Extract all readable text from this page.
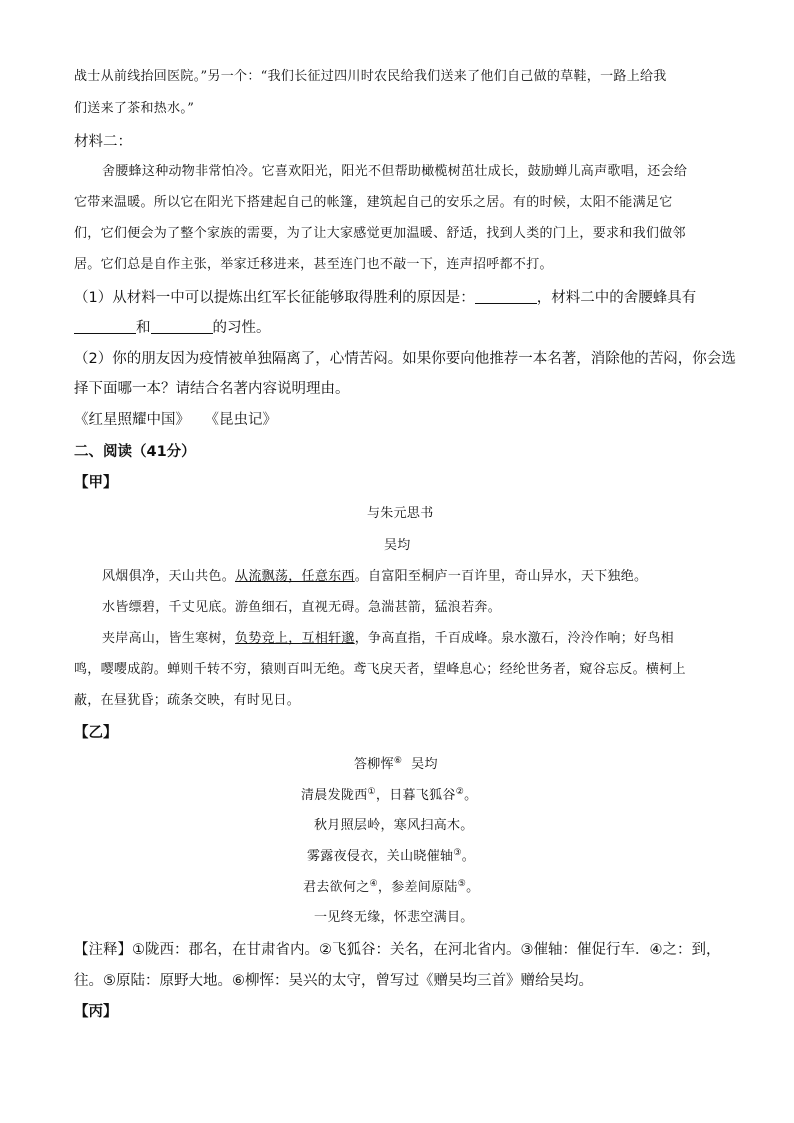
战士从前线抬回医院。”另一个：“我们长征过四川时农民给我们送来了他们自己做的草鞋，一路上给我
们送来了茶和热水。”
材料二：
舍腰蜂这种动物非常怕冷。它喜欢阳光，阳光不但帮助橄榄树茁壮成长，鼓励蝉儿高声歌唱，还会给
它带来温暖。所以它在阳光下搭建起自己的帐篷，建筑起自己的安乐之居。有的时候，太阳不能满足它
们，它们便会为了整个家族的需要，为了让大家感觉更加温暖、舒适，找到人类的门上，要求和我们做邻
居。它们总是自作主张，举家迁移进来，甚至连门也不敲一下，连声招呼都不打。
（1）从材料一中可以提炼出红军长征能够取得胜利的原因是：	，材料二中的舍腰蜂具有
和	的习性。
（2）你的朋友因为疫情被单独隔离了，心情苦闷。如果你要向他推荐一本名著，消除他的苦闷，你会选
择下面哪一本？请结合名著内容说明理由。
《红星照耀中国》　　《昆虫记》
二、阅读（41分）
【甲】
与朱元思书
吴均
风烟俱净，天山共色。从流飘荡，任意东西。自富阳至桐庐一百许里，奇山异水，天下独绝。
水皆缥碧，千丈见底。游鱼细石，直视无碍。急湍甚箭，猛浪若奔。
夹岸高山，皆生寒树，负势竞上，互相轩邈，争高直指，千百成峰。泉水激石，泠泠作响；好鸟相
鸣，嘤嘤成韵。蝉则千转不穷，猿则百叫无绝。鸢飞戾天者，望峰息心；经纶世务者，窥谷忘反。横柯上
蔽，在昼犹昏；疏条交映，有时见日。
【乙】
答柳恽⑥ 吴均
清晨发陇西①，日暮飞狐谷②。
秋月照层岭，寒风扫高木。
雾露夜侵衣，关山晓催轴③。
君去欲何之④，参差间原陆⑤。
一见终无缘，怀悲空满目。
【注释】①陇西：郡名，在甘肃省内。②飞狐谷：关名，在河北省内。③催轴：催促行车．④之：到，
往。⑤原陆：原野大地。⑥柳恽：吴兴的太守，曾写过《赠吴均三首》赠给吴均。
【丙】
